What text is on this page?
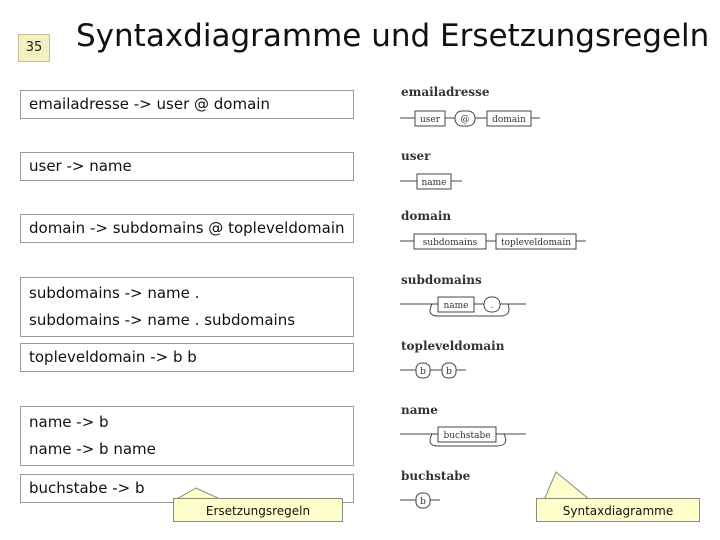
35 Syntaxdiagramme und Ersetzungsregeln
emailadresse -> user @ domain
user -> name
domain -> subdomains @ topleveldomain
subdomains -> name .
subdomains -> name . subdomains
topleveldomain -> b b
name -> b
name -> b name
buchstabe -> b
emailadresse
user @	domain
user
name
domain
subdomains	topleveldomain
subdomains
name .
topleveldomain
b b
name
buchstabe
buchstabe
b
Ersetzungsregeln	Syntaxdiagramme
